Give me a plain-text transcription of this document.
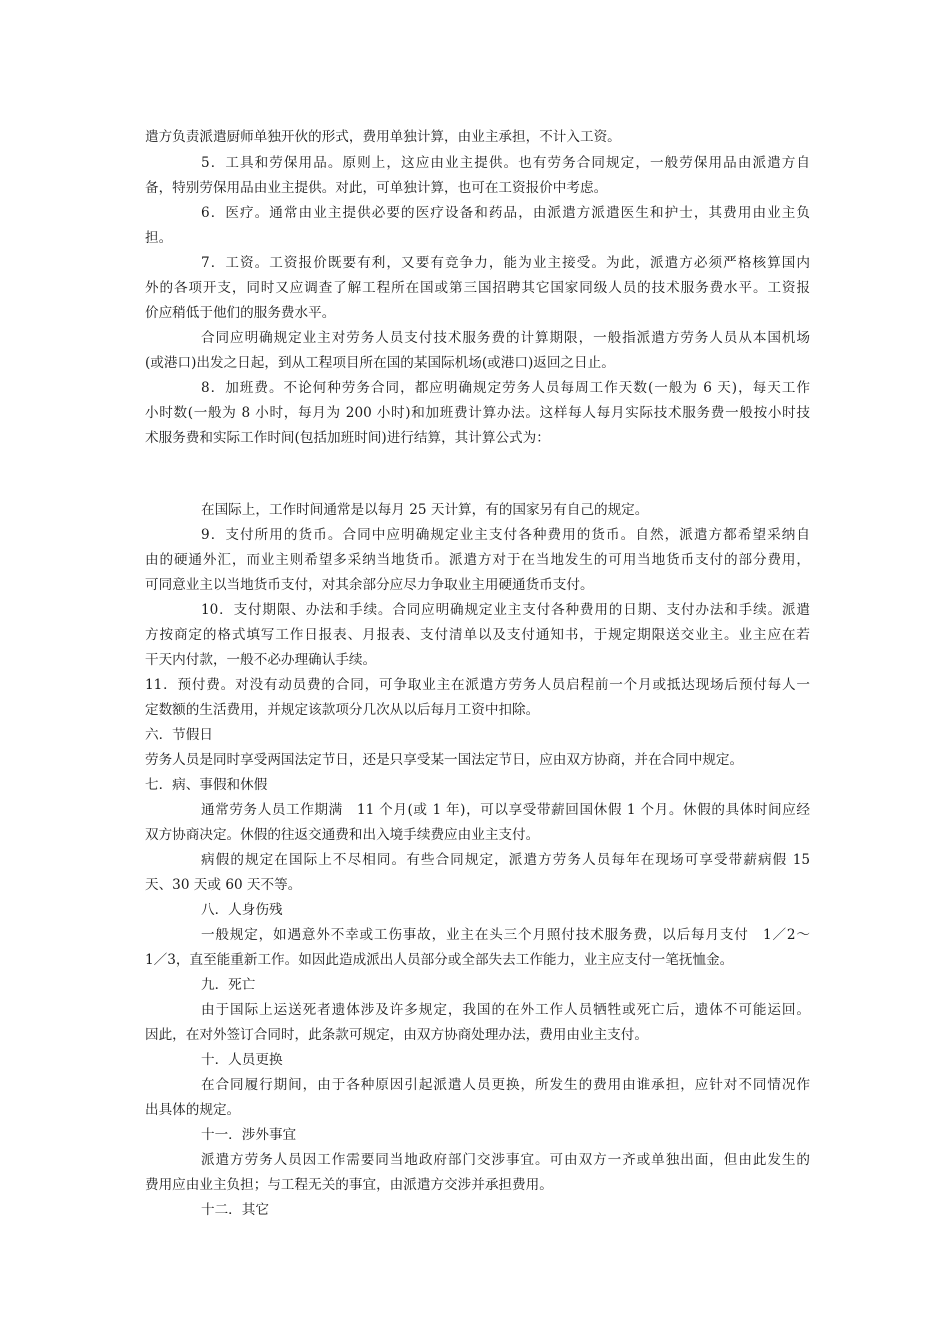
遣方负责派遣厨师单独开伙的形式，费用单独计算，由业主承担，不计入工资。
5．工具和劳保用品。原则上，这应由业主提供。也有劳务合同规定，一般劳保用品由派遣方自
备，特别劳保用品由业主提供。对此，可单独计算，也可在工资报价中考虑。
6．医疗。通常由业主提供必要的医疗设备和药品，由派遣方派遣医生和护士，其费用由业主负
担。
7．工资。工资报价既要有利，又要有竞争力，能为业主接受。为此，派遣方必须严格核算国内
外的各项开支，同时又应调查了解工程所在国或第三国招聘其它国家同级人员的技术服务费水平。工资报
价应稍低于他们的服务费水平。
合同应明确规定业主对劳务人员支付技术服务费的计算期限，一般指派遣方劳务人员从本国机场
(或港口)出发之日起，到从工程项目所在国的某国际机场(或港口)返回之日止。
8．加班费。不论何种劳务合同，都应明确规定劳务人员每周工作天数(一般为 6 天)，每天工作
小时数(一般为 8 小时，每月为 200 小时)和加班费计算办法。这样每人每月实际技术服务费一般按小时技
术服务费和实际工作时间(包括加班时间)进行结算，其计算公式为：
在国际上，工作时间通常是以每月 25 天计算，有的国家另有自己的规定。
9．支付所用的货币。合同中应明确规定业主支付各种费用的货币。自然，派遣方都希望采纳自
由的硬通外汇，而业主则希望多采纳当地货币。派遣方对于在当地发生的可用当地货币支付的部分费用，
可同意业主以当地货币支付，对其余部分应尽力争取业主用硬通货币支付。
10．支付期限、办法和手续。合同应明确规定业主支付各种费用的日期、支付办法和手续。派遣
方按商定的格式填写工作日报表、月报表、支付清单以及支付通知书，于规定期限送交业主。业主应在若
干天内付款，一般不必办理确认手续。
11．预付费。对没有动员费的合同，可争取业主在派遣方劳务人员启程前一个月或抵达现场后预付每人一
定数额的生活费用，并规定该款项分几次从以后每月工资中扣除。
六．节假日
劳务人员是同时享受两国法定节日，还是只享受某一国法定节日，应由双方协商，并在合同中规定。
七．病、事假和休假
通常劳务人员工作期满　11 个月(或 1 年)，可以享受带薪回国休假 1 个月。休假的具体时间应经
双方协商决定。休假的往返交通费和出入境手续费应由业主支付。
病假的规定在国际上不尽相同。有些合同规定，派遣方劳务人员每年在现场可享受带薪病假 15
天、30 天或 60 天不等。
八．人身伤残
一般规定，如遇意外不幸或工伤事故，业主在头三个月照付技术服务费，以后每月支付　1／2～
1／3，直至能重新工作。如因此造成派出人员部分或全部失去工作能力，业主应支付一笔抚恤金。
九．死亡
由于国际上运送死者遗体涉及许多规定，我国的在外工作人员牺牲或死亡后，遗体不可能运回。
因此，在对外签订合同时，此条款可规定，由双方协商处理办法，费用由业主支付。
十．人员更换
在合同履行期间，由于各种原因引起派遣人员更换，所发生的费用由谁承担，应针对不同情况作
出具体的规定。
十一．涉外事宜
派遣方劳务人员因工作需要同当地政府部门交涉事宜。可由双方一齐或单独出面，但由此发生的
费用应由业主负担；与工程无关的事宜，由派遣方交涉并承担费用。
十二．其它
